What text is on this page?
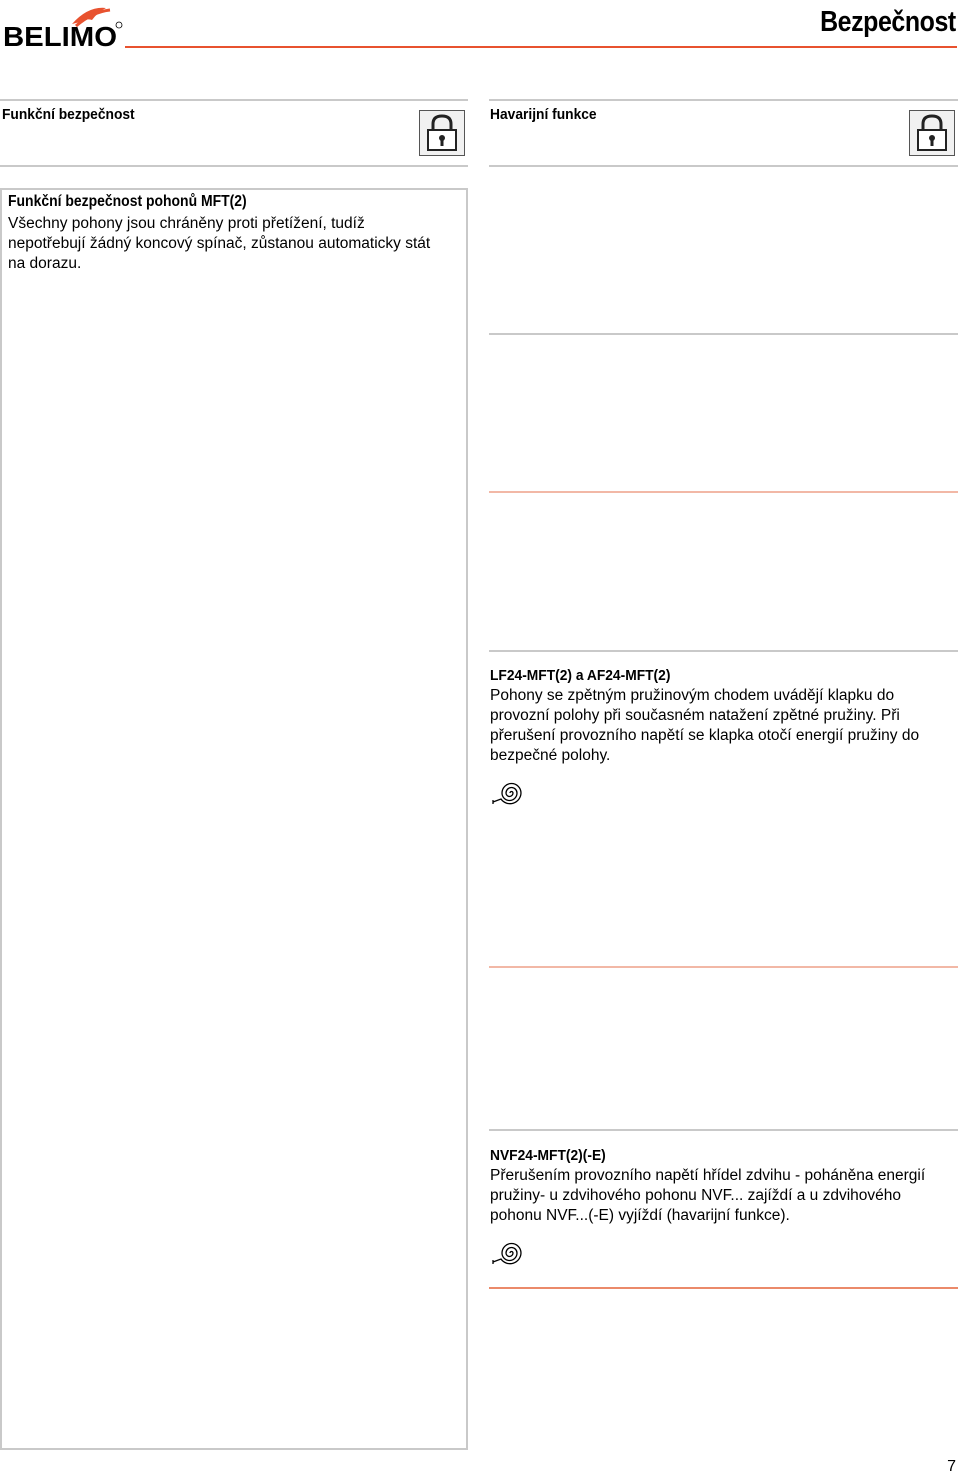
BELIMO	Bezpečnost
Funkční bezpečnost	Havarijní funkce
Funkční bezpečnost pohonů MFT(2)
Všechny pohony jsou chráněny proti přetížení, tudíž nepotřebují žádný koncový spínač, zůstanou automaticky stát na dorazu.
LF24-MFT(2) a AF24-MFT(2)
Pohony se zpětným pružinovým chodem uvádějí klapku do provozní polohy při současném natažení zpětné pružiny. Při přerušení provozního napětí se klapka otočí energií pružiny do bezpečné polohy.
NVF24-MFT(2)(-E)
Přerušením provozního napětí hřídel zdvihu - poháněna energií pružiny- u zdvihového pohonu NVF... zajíždí a u zdvihového pohonu NVF...(-E) vyjíždí (havarijní funkce).
7
